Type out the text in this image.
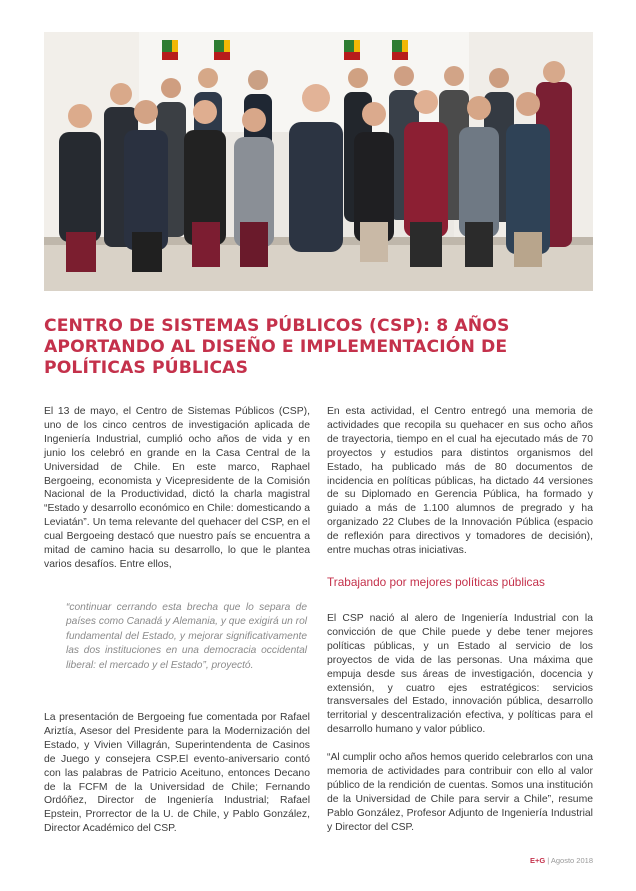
CENTRO DE SISTEMAS PÚBLICOS (CSP): 8 AÑOS
APORTANDO AL DISEÑO E IMPLEMENTACIÓN DE
POLÍTICAS PÚBLICAS

El 13 de mayo, el Centro de Sistemas Públicos (CSP), uno de los cinco centros de investigación aplicada de Ingeniería Industrial, cumplió ocho años de vida y en junio los celebró en grande en la Casa Central de la Universidad de Chile. En este marco, Raphael Bergoeing, economista y Vicepresidente de la Comisión Nacional de la Productividad, dictó la charla magistral “Estado y desarrollo económico en Chile: domesticando a Leviatán”. Un tema relevante del quehacer del CSP, en el cual Bergoeing destacó que nuestro país se encuentra a mitad de camino hacia su desarrollo, lo que le plantea varios desafíos. Entre ellos,

“continuar cerrando esta brecha que lo separa de países como Canadá y Alemania, y que exigirá un rol fundamental del Estado, y mejorar significativamente las dos instituciones en una democracia occidental liberal: el mercado y el Estado”, proyectó.

La presentación de Bergoeing fue comentada por Rafael Ariztía, Asesor del Presidente para la Modernización del Estado, y Vivien Villagrán, Superintendenta de Casinos de Juego y consejera CSP.El evento-aniversario contó con las palabras de Patricio Aceituno, entonces Decano de la FCFM de la Universidad de Chile; Fernando Ordóñez, Director de Ingeniería Industrial; Rafael Epstein, Prorrector de la U. de Chile, y Pablo González, Director Académico del CSP.

En esta actividad, el Centro entregó una memoria de actividades que recopila su quehacer en sus ocho años de trayectoria, tiempo en el cual ha ejecutado más de 70 proyectos y estudios para distintos organismos del Estado, ha publicado más de 80 documentos de incidencia en políticas públicas, ha dictado 44 versiones de su Diplomado en Gerencia Pública, ha formado y guiado a más de 1.100 alumnos de pregrado y ha organizado 22 Clubes de la Innovación Pública (espacio de reflexión para directivos y tomadores de decisión), entre muchas otras iniciativas.

Trabajando por mejores políticas públicas

El CSP nació al alero de Ingeniería Industrial con la convicción de que Chile puede y debe tener mejores políticas públicas, y un Estado al servicio de los proyectos de vida de las personas. Una máxima que empuja desde sus áreas de investigación, docencia y extensión, y cuatro ejes estratégicos: servicios transversales del Estado, innovación pública, desarrollo territorial y descentralización efectiva, y políticas para el desarrollo humano y valor público.

“Al cumplir ocho años hemos querido celebrarlos con una memoria de actividades para contribuir con ello al valor público de la rendición de cuentas. Somos una institución de la Universidad de Chile para servir a Chile”, resume Pablo González, Profesor Adjunto de Ingeniería Industrial y Director del CSP.

E+G | Agosto 2018
